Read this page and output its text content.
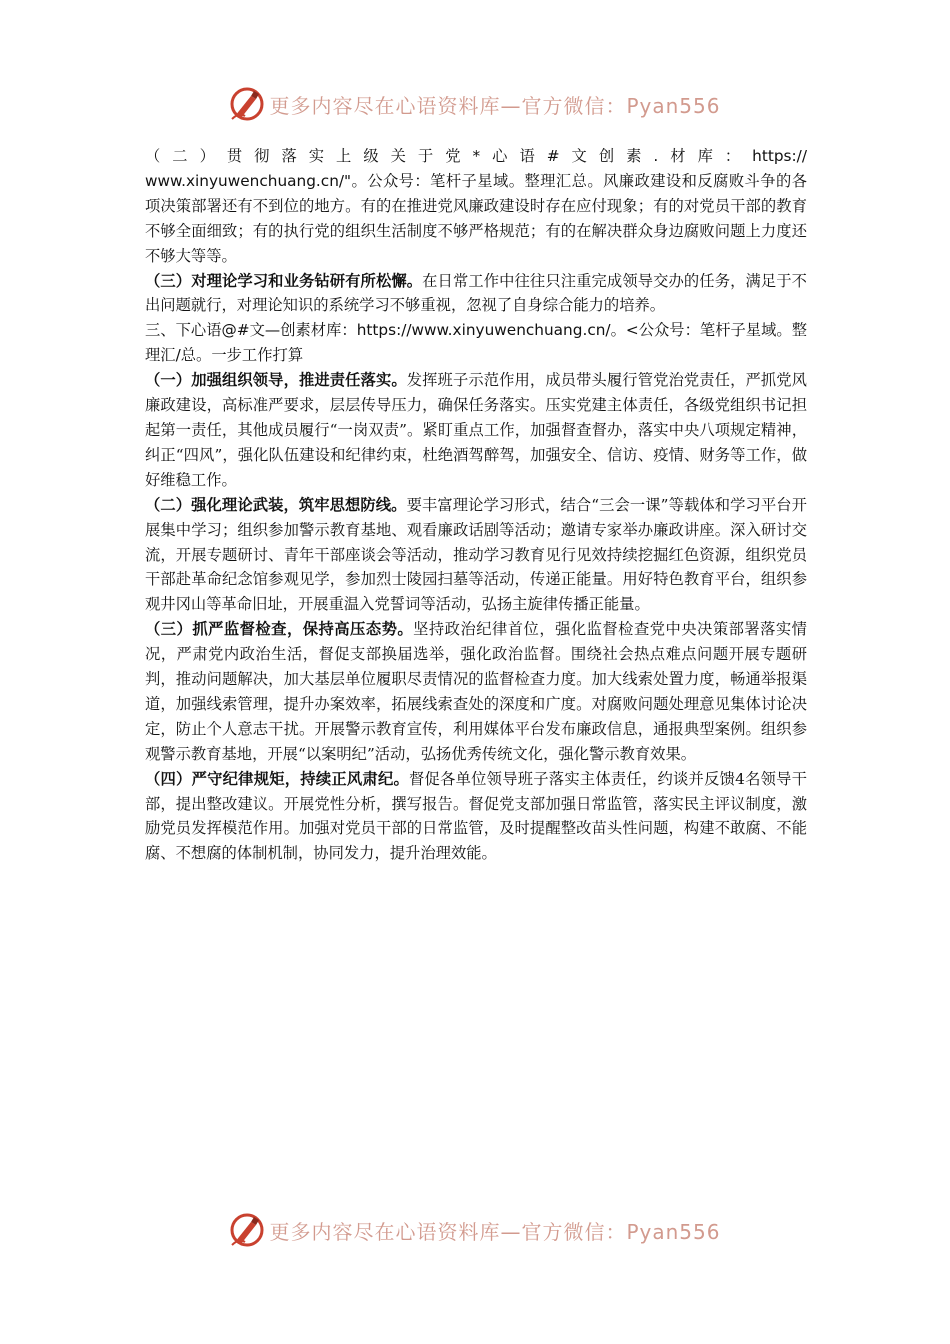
更多内容尽在心语资料库—官方微信：Pyan556

（二）贯彻落实上级关于党*心语#文创素.材库：https://

www.xinyuwenchuang.cn/"。公众号：笔杆子星域。整理汇总。风廉政建设和反腐败斗争的各项决策部署还有不到位的地方。有的在推进党风廉政建设时存在应付现象；有的对党员干部的教育不够全面细致；有的执行党的组织生活制度不够严格规范；有的在解决群众身边腐败问题上力度还不够大等等。

（三）对理论学习和业务钻研有所松懈。在日常工作中往往只注重完成领导交办的任务，满足于不出问题就行，对理论知识的系统学习不够重视，忽视了自身综合能力的培养。

三、下心语@#文—创素材库：https://www.xinyuwenchuang.cn/。<公众号：笔杆子星域。整理汇/总。一步工作打算

（一）加强组织领导，推进责任落实。发挥班子示范作用，成员带头履行管党治党责任，严抓党风廉政建设，高标准严要求，层层传导压力，确保任务落实。压实党建主体责任，各级党组织书记担起第一责任，其他成员履行“一岗双责”。紧盯重点工作，加强督查督办，落实中央八项规定精神，纠正“四风”，强化队伍建设和纪律约束，杜绝酒驾醉驾，加强安全、信访、疫情、财务等工作，做好维稳工作。

（二）强化理论武装，筑牢思想防线。要丰富理论学习形式，结合“三会一课”等载体和学习平台开展集中学习；组织参加警示教育基地、观看廉政话剧等活动；邀请专家举办廉政讲座。深入研讨交流，开展专题研讨、青年干部座谈会等活动，推动学习教育见行见效持续挖掘红色资源，组织党员干部赴革命纪念馆参观见学，参加烈士陵园扫墓等活动，传递正能量。用好特色教育平台，组织参观井冈山等革命旧址，开展重温入党誓词等活动，弘扬主旋律传播正能量。

（三）抓严监督检查，保持高压态势。坚持政治纪律首位，强化监督检查党中央决策部署落实情况，严肃党内政治生活，督促支部换届选举，强化政治监督。围绕社会热点难点问题开展专题研判，推动问题解决，加大基层单位履职尽责情况的监督检查力度。加大线索处置力度，畅通举报渠道，加强线索管理，提升办案效率，拓展线索查处的深度和广度。对腐败问题处理意见集体讨论决定，防止个人意志干扰。开展警示教育宣传，利用媒体平台发布廉政信息，通报典型案例。组织参观警示教育基地，开展“以案明纪”活动，弘扬优秀传统文化，强化警示教育效果。

（四）严守纪律规矩，持续正风肃纪。督促各单位领导班子落实主体责任，约谈并反馈4名领导干部，提出整改建议。开展党性分析，撰写报告。督促党支部加强日常监管，落实民主评议制度，激励党员发挥模范作用。加强对党员干部的日常监管，及时提醒整改苗头性问题，构建不敢腐、不能腐、不想腐的体制机制，协同发力，提升治理效能。

更多内容尽在心语资料库—官方微信：Pyan556
